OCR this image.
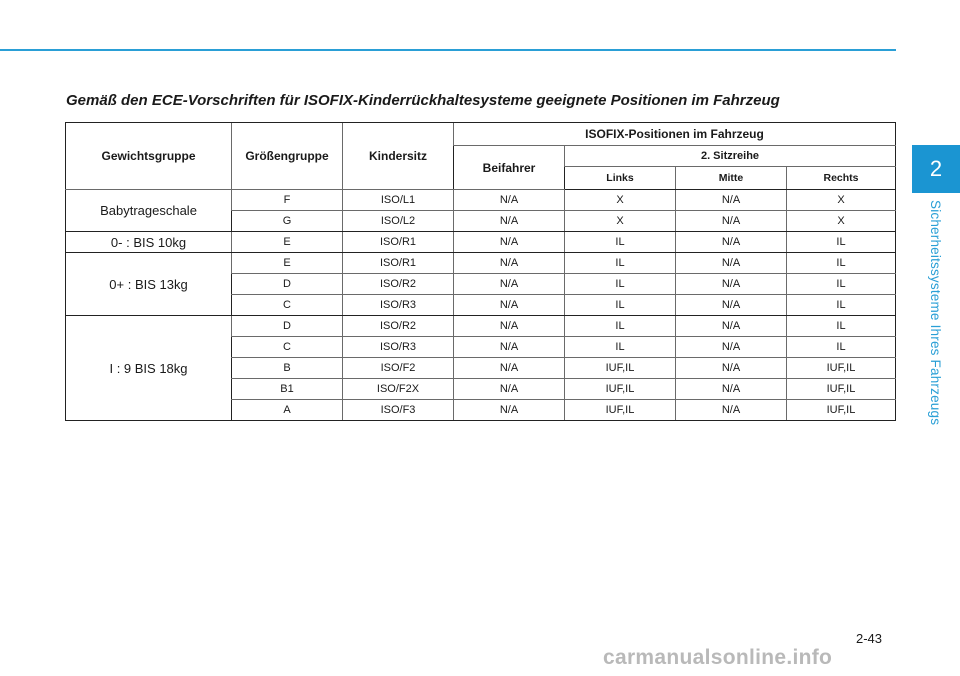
2
Sicherheitssysteme Ihres Fahrzeugs
Gemäß den ECE-Vorschriften für ISOFIX-Kinderrückhaltesysteme geeignete Positionen im Fahrzeug
Gewichtsgruppe	Größengruppe	Kindersitz	ISOFIX-Positionen im Fahrzeug			
			Beifahrer	2. Sitzreihe		
				Links	Mitte	Rechts
Babytrageschale	F	ISO/L1	N/A	X	N/A	X
	G	ISO/L2	N/A	X	N/A	X
0- : BIS 10kg	E	ISO/R1	N/A	IL	N/A	IL
0+ : BIS 13kg	E	ISO/R1	N/A	IL	N/A	IL
	D	ISO/R2	N/A	IL	N/A	IL
	C	ISO/R3	N/A	IL	N/A	IL
I : 9 BIS 18kg	D	ISO/R2	N/A	IL	N/A	IL
	C	ISO/R3	N/A	IL	N/A	IL
	B	ISO/F2	N/A	IUF,IL	N/A	IUF,IL
	B1	ISO/F2X	N/A	IUF,IL	N/A	IUF,IL
	A	ISO/F3	N/A	IUF,IL	N/A	IUF,IL
2-43
carmanualsonline.info
